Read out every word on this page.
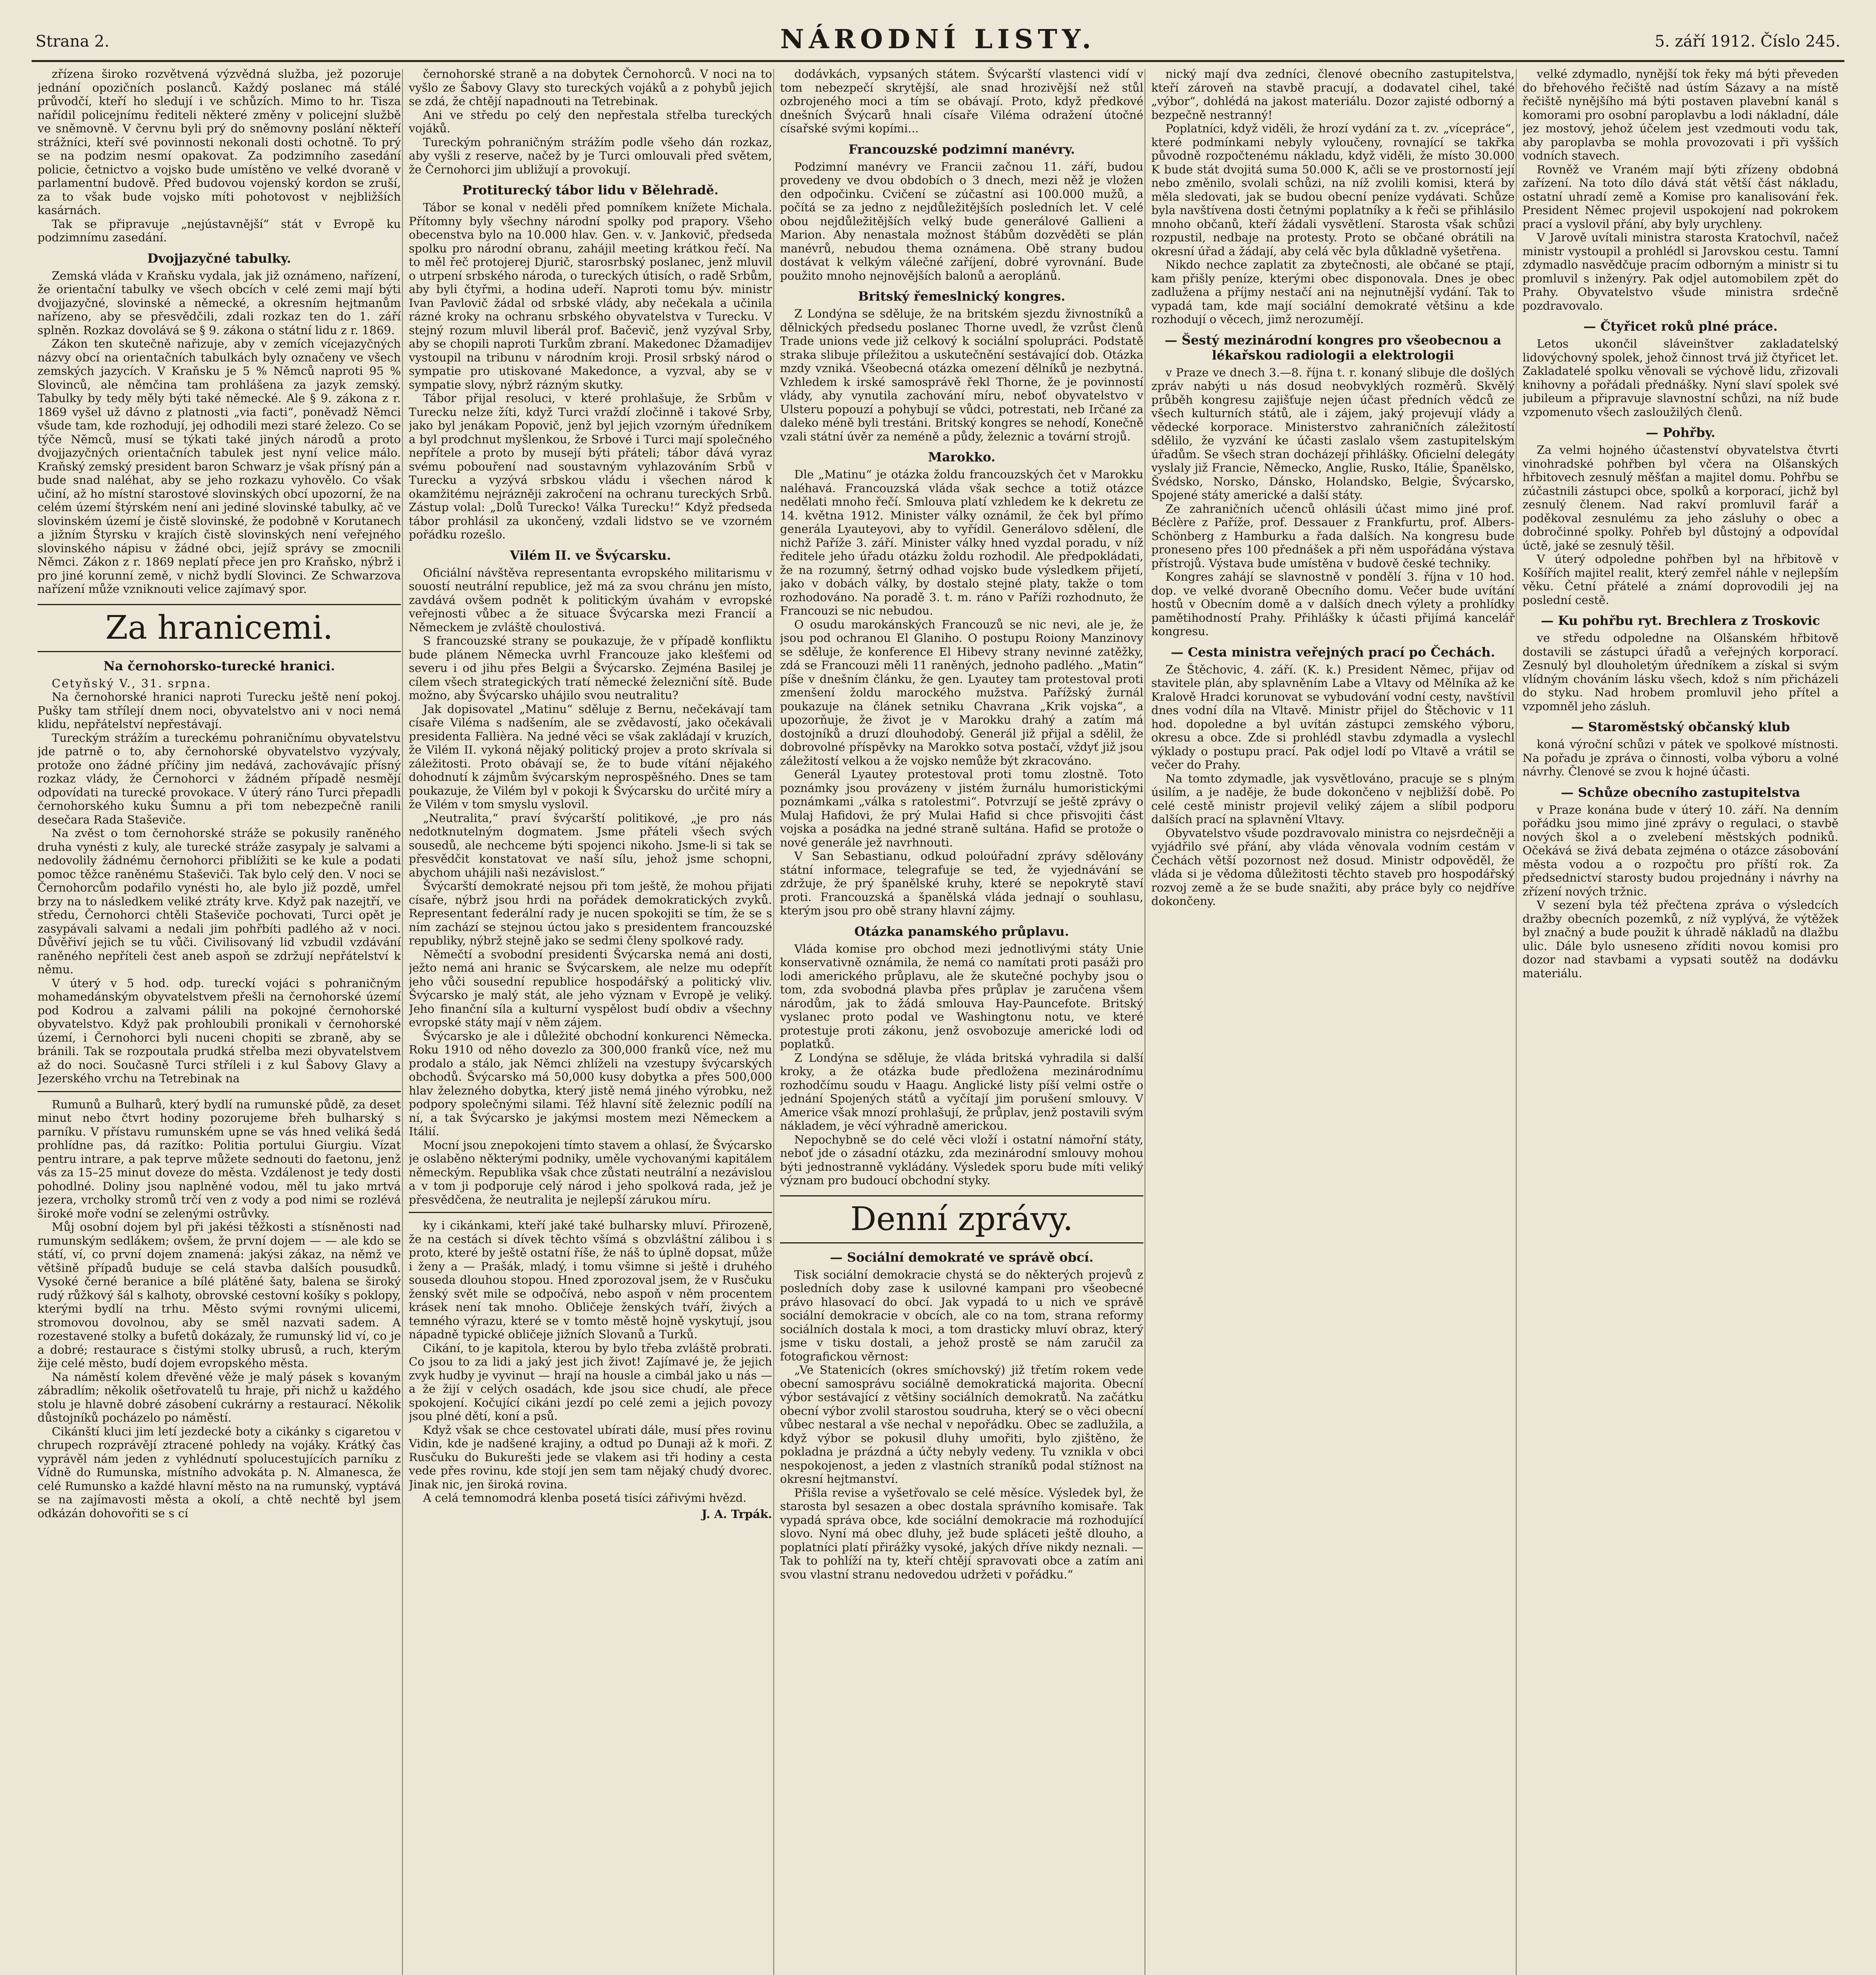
Strana 2.	NÁRODNÍ LISTY.	5. září 1912. Číslo 245.

zřízena široko rozvětvená výzvědná služba, jež pozoruje jednání opozičních poslanců. Každý poslanec má stálé průvodčí, kteří ho sledují i ve schůzích. Mimo to hr. Tisza nařídil policejnímu řediteli některé změny v policejní službě ve sněmovně. V červnu byli prý do sněmovny poslání někteří strážníci, kteří své povinnosti nekonali dosti ochotně. To prý se na podzim nesmí opakovat. Za podzimního zasedání policie, četnictvo a vojsko bude umístěno ve velké dvoraně v parlamentní budově. Před budovou vojenský kordon se zruší, za to však bude vojsko míti pohotovost v nejbližších kasárnách.

Tak se připravuje „nejústavnější“ stát v Evropě ku podzimnímu zasedání.

Dvojjazyčné tabulky.

Zemská vláda v Kraňsku vydala, jak již oznámeno, nařízení, že orientační tabulky ve všech obcích v celé zemi mají býti dvojjazyčné, slovinské a německé, a okresním hejtmanům nařízeno, aby se přesvědčili, zdali rozkaz ten do 1. září splněn. Rozkaz dovolává se § 9. zákona o státní lidu z r. 1869.

Zákon ten skutečně nařizuje, aby v zemích vícejazyčných názvy obcí na orientačních tabulkách byly označeny ve všech zemských jazycích. V Kraňsku je 5 % Němců naproti 95 % Slovinců, ale němčina tam prohlášena za jazyk zemský. Tabulky by tedy měly býti také německé. Ale § 9. zákona z r. 1869 vyšel už dávno z platnosti „via facti“, poněvadž Němci všude tam, kde rozhodují, jej odhodili mezi staré železo. Co se týče Němců, musí se týkati také jiných národů a proto dvojjazyčných orientačních tabulek jest nyní velice málo. Kraňský zemský president baron Schwarz je však přísný pán a bude snad naléhat, aby se jeho rozkazu vyhovělo. Co však učiní, až ho místní starostové slovinských obcí upozorní, že na celém území štýrském není ani jediné slovinské tabulky, ač ve slovinském území je čistě slovinské, že podobně v Korutanech a jižním Štyrsku v krajích čistě slovinských není veřejného slovinského nápisu v žádné obci, jejíž správy se zmocnili Němci. Zákon z r. 1869 neplatí přece jen pro Kraňsko, nýbrž i pro jiné korunní země, v nichž bydlí Slovinci. Ze Schwarzova nařízení může vzniknouti velice zajímavý spor.

Za hranicemi.
Na černohorsko-turecké hranici.

Cetyňský V., 31. srpna.

Na černohorské hranici naproti Turecku ještě není pokoj. Pušky tam střílejí dnem noci, obyvatelstvo ani v noci nemá klidu, nepřátelství nepřestávají.

Tureckým strážím a tureckému pohraničnímu obyvatelstvu jde patrně o to, aby černohorské obyvatelstvo vyzývaly, protože ono žádné příčiny jim nedává, zachovávajíc přísný rozkaz vlády, že Černohorci v žádném případě nesmějí odpovídati na turecké provokace. V úterý ráno Turci přepadli černohorského kuku Šumnu a při tom nebezpečně ranili desečara Rada Staševiče.

Na zvěst o tom černohorské stráže se pokusily raněného druha vynésti z kuly, ale turecké stráže zasypaly je salvami a nedovolily žádnému černohorci přiblížiti se ke kule a podati pomoc těžce raněnému Staševiči. Tak bylo celý den. V noci se Černohorcům podařilo vynésti ho, ale bylo již pozdě, umřel brzy na to následkem veliké ztráty krve. Když pak nazejtří, ve středu, Černohorci chtěli Staševiče pochovati, Turci opět je zasypávali salvami a nedali jim pohřbíti padlého až v noci. Důvěřiví jejich se tu vůči. Civilisovaný lid vzbudil vzdávání raněného nepříteli čest aneb aspoň se zdržují nepřátelství k němu.

V úterý v 5 hod. odp. tureckí vojáci s pohraničným mohamedánským obyvatelstvem přešli na černohorské území pod Kodrou a zalvami pálili na pokojné černohorské obyvatelstvo. Když pak prohloubili pronikali v černohorské území, i Černohorci byli nuceni chopiti se zbraně, aby se bránili. Tak se rozpoutala prudká střelba mezi obyvatelstvem až do noci. Současně Turci stříleli i z kul Šabovy Glavy a Jezerského vrchu na Tetrebinak na

Rumunů a Bulharů, který bydlí na rumunské půdě, za deset minut nebo čtvrt hodiny pozorujeme břeh bulharský s parníku. V přístavu rumunském upne se vás hned veliká šedá prohlídne pas, dá razítko: Politia portului Giurgiu. Vízat pentru intrare, a pak teprve můžete sednouti do faetonu, jenž vás za 15–25 minut doveze do města. Vzdálenost je tedy dosti pohodlné. Doliny jsou naplněné vodou, měl tu jako mrtvá jezera, vrcholky stromů trčí ven z vody a pod nimi se rozlévá široké moře vodní se zelenými ostrůvky.

Můj osobní dojem byl při jakési těžkosti a stísněnosti nad rumunským sedlákem; ovšem, že první dojem — — ale kdo se státí, ví, co první dojem znamená: jakýsi zákaz, na němž ve většině případů buduje se celá stavba dalších pousudků. Vysoké černé beranice a bílé plátěné šaty, balena se široký rudý růžkový šál s kalhoty, obrovské cestovní košíky s poklopy, kterými bydlí na trhu. Město svými rovnými ulicemi, stromovou dovolnou, aby se směl nazvati sadem. A rozestavené stolky a bufetů dokázaly, že rumunský lid ví, co je a dobré; restaurace s čistými stolky ubrusů, a ruch, kterým žije celé město, budí dojem evropského města.

Na náměstí kolem dřevěné věže je malý pásek s kovaným zábradlím; několik ošetřovatelů tu hraje, při nichž u každého stolu je hlavně dobré zásobení cukrárny a restaurací. Několik důstojníků pocházelo po náměstí.

Cikánští kluci jim letí jezdecké boty a cikánky s cigaretou v chrupech rozprávějí ztracené pohledy na vojáky. Krátký čas vyprávěl nám jeden z vyhlédnutí spolucestujících parníku z Vídně do Rumunska, místního advokáta p. N. Almanesca, že celé Rumunsko a každé hlavní město na na rumunský, vyptává se na zajímavosti města a okolí, a chtě nechtě byl jsem odkázán dohovořiti se s cí

černohorské straně a na dobytek Černohorců. V noci na to vyšlo ze Šabovy Glavy sto tureckých vojáků a z pohybů jejich se zdá, že chtějí napadnouti na Tetrebinak.

Ani ve středu po celý den nepřestala střelba tureckých vojáků.

Tureckým pohraničným strážím podle všeho dán rozkaz, aby vyšli z reserve, načež by je Turci omlouvali před světem, že Černohorci jim ubližují a provokují.

Protiturecký tábor lidu v Bělehradě.

Tábor se konal v neděli před pomníkem knížete Michala. Přítomny byly všechny národní spolky pod prapory. Všeho obecenstva bylo na 10.000 hlav. Gen. v. v. Jankovič, předseda spolku pro národní obranu, zahájil meeting krátkou řečí. Na to měl řeč protojerej Djurič, starosrbský poslanec, jenž mluvil o utrpení srbského národa, o tureckých útisích, o radě Srbům, aby byli čtyřmi, a hodina udeří. Naproti tomu býv. ministr Ivan Pavlovič žádal od srbské vlády, aby nečekala a učinila rázné kroky na ochranu srbského obyvatelstva v Turecku. V stejný rozum mluvil liberál prof. Bačevič, jenž vyzýval Srby, aby se chopili naproti Turkům zbraní. Makedonec Džamadijev vystoupil na tribunu v národním kroji. Prosil srbský národ o sympatie pro utiskované Makedonce, a vyzval, aby se v sympatie slovy, nýbrž rázným skutky.

Tábor přijal resoluci, v které prohlašuje, že Srbům v Turecku nelze žíti, když Turci vraždí zločinně i takové Srby, jako byl jenákam Popovič, jenž byl jejich vzorným úředníkem a byl prodchnut myšlenkou, že Srbové i Turci mají společného nepřítele a proto by musejí býti přáteli; tábor dává vyraz svému pobouření nad soustavným vyhlazováním Srbů v Turecku a vyzývá srbskou vládu i všechen národ k okamžitému nejrázněji zakročení na ochranu tureckých Srbů. Zástup volal: „Dolů Turecko! Válka Turecku!“ Když předseda tábor prohlásil za ukončený, vzdali lidstvo se ve vzorném pořádku rozešlo.

Vilém II. ve Švýcarsku.

Oficiální návštěva representanta evropského militarismu v souostí neutrální republice, jež má za svou chránu jen místo, zavdává ovšem podnět k politickým úvahám v evropské veřejnosti vůbec a že situace Švýcarska mezi Francií a Německem je zvláště choulostivá.

S francouzské strany se poukazuje, že v případě konfliktu bude plánem Německa uvrhl Francouze jako klešťemi od severu i od jihu přes Belgii a Švýcarsko. Zejména Basilej je cílem všech strategických tratí německé železniční sítě. Bude možno, aby Švýcarsko uhájilo svou neutralitu?

Jak dopisovatel „Matinu“ sděluje z Bernu, nečekávají tam císaře Viléma s nadšením, ale se zvědavostí, jako očekávali presidenta Fallièra. Na jedné věci se však zakládají v kruzích, že Vilém II. vykoná nějaký politický projev a proto skrívala si záležitosti. Proto obávají se, že to bude vítání nějakého dohodnutí k zájmům švýcarským neprospěšného. Dnes se tam poukazuje, že Vilém byl v pokoji k Švýcarsku do určité míry a že Vilém v tom smyslu vyslovil.

„Neutralita,“ praví švýcarští politikové, „je pro nás nedotknutelným dogmatem. Jsme přáteli všech svých sousedů, ale nechceme býti spojenci nikoho. Jsme-li si tak se přesvědčit konstatovat ve naší sílu, jehož jsme schopni, abychom uhájili naši nezávislost.“

Švýcarští demokraté nejsou při tom ještě, že mohou přijati císaře, nýbrž jsou hrdi na pořádek demokratických zvyků. Representant federální rady je nucen spokojiti se tím, že se s ním zachází se stejnou úctou jako s presidentem francouzské republiky, nýbrž stejně jako se sedmi členy spolkové rady.

Němečtí a svobodní presidenti Švýcarska nemá ani dosti, ježto nemá ani hranic se Švýcarskem, ale nelze mu odepřít jeho vůči sousední republice hospodářský a politický vliv. Švýcarsko je malý stát, ale jeho význam v Evropě je veliký. Jeho finanční síla a kulturní vyspělost budí obdiv a všechny evropské státy mají v něm zájem.

Švýcarsko je ale i důležité obchodní konkurenci Německa. Roku 1910 od něho dovezlo za 300,000 franků více, než mu prodalo a stálo, jak Němci zhlíželi na vzestupy švýcarských obchodů. Švýcarsko má 50,000 kusy dobytka a přes 500,000 hlav železného dobytka, který jistě nemá jiného výrobku, než podpory společnými silami. Též hlavní sítě železnic podílí na ní, a tak Švýcarsko je jakýmsi mostem mezi Německem a Itálií.

Mocní jsou znepokojeni tímto stavem a ohlasí, že Švýcarsko je oslaběno některými podniky, uměle vychovanými kapitálem německým. Republika však chce zůstati neutrální a nezávislou a v tom ji podporuje celý národ i jeho spolková rada, jež je přesvědčena, že neutralita je nejlepší zárukou míru.

ky i cikánkami, kteří jaké také bulharsky mluví. Přirozeně, že na cestách si dívek těchto všímá s obzvláštní zálibou i s proto, které by ještě ostatní říše, že náš to úplně dopsat, může i ženy a — Prašák, mladý, i tomu všimne si ještě i druhého souseda dlouhou stopou. Hned zporozoval jsem, že v Rusčuku ženský svět mile se odpočívá, nebo aspoň v něm procentem krásek není tak mnoho. Obličeje ženských tváří, živých a temného výrazu, které se v tomto městě hojně vyskytují, jsou nápadně typické obličeje jižních Slovanů a Turků.

Cikání, to je kapitola, kterou by bylo třeba zvláště probrati. Co jsou to za lidi a jaký jest jich život! Zajímavé je, že jejich zvyk hudby je vyvinut — hrají na housle a cimbál jako u nás — a že žijí v celých osadách, kde jsou sice chudí, ale přece spokojení. Kočující cikáni jezdí po celé zemi a jejich povozy jsou plné dětí, koní a psů.

Když však se chce cestovatel ubírati dále, musí přes rovinu Vidin, kde je nadšené krajiny, a odtud po Dunaji až k moři. Z Rusčuku do Bukurešti jede se vlakem asi tři hodiny a cesta vede přes rovinu, kde stojí jen sem tam nějaký chudý dvorec. Jinak nic, jen široká rovina.

A celá temnomodrá klenba posetá tisíci zářivými hvězd.

J. A. Trpák.

dodávkách, vypsaných státem. Švýcarští vlastenci vidí v tom nebezpečí skrytější, ale snad hrozivější než stůl ozbrojeného moci a tím se obávají. Proto, když předkové dnešních Švýcarů hnali císaře Viléma odražení útočné císařské svými kopími...

Francouzské podzimní manévry.

Podzimní manévry ve Francii začnou 11. září, budou provedeny ve dvou obdobích o 3 dnech, mezi něž je vložen den odpočinku. Cvičení se zúčastní asi 100.000 mužů, a počítá se za jedno z nejdůležitějších posledních let. V celé obou nejdůležitějších velký bude generálové Gallieni a Marion. Aby nenastala možnost štábům dozvěděti se plán manévrů, nebudou thema oznámena. Obě strany budou dostávat k velkým válečné zaříjení, dobré vyrovnání. Bude použito mnoho nejnovějších balonů a aeroplánů.

Britský řemeslnický kongres.

Z Londýna se sděluje, že na britském sjezdu živnostníků a dělnických předsedu poslanec Thorne uvedl, že vzrůst členů Trade unions vede již celkový k sociální spolupráci. Podstatě straka slibuje příležitou a uskutečnění sestávající dob. Otázka mzdy vzniká. Všeobecná otázka omezení dělníků je nezbytná. Vzhledem k irské samosprávě řekl Thorne, že je povinností vlády, aby vynutila zachování míru, neboť obyvatelstvo v Ulsteru popouzí a pohybují se vůdci, potrestati, neb Irčané za daleko méně byli trestáni. Britský kongres se nehodí, Konečně vzali státní úvěr za neméně a půdy, železnic a tovární strojů.

Marokko.

Dle „Matinu“ je otázka žoldu francouzských čet v Marokku naléhavá. Francouzská vláda však sechce a totiž otázce nedělati mnoho řečí. Smlouva platí vzhledem ke k dekretu ze 14. května 1912. Minister války oznámil, že ček byl přímo generála Lyauteyovi, aby to vyřídil. Generálovo sdělení, dle nichž Paříže 3. září. Minister války hned vyzdal poradu, v níž ředitele jeho úřadu otázku žoldu rozhodil. Ale předpokládati, že na rozumný, šetrný odhad vojsko bude výsledkem přijetí, jako v dobách války, by dostalo stejné platy, takže o tom rozhodováno. Na poradě 3. t. m. ráno v Paříži rozhodnuto, že Francouzi se nic nebudou.

O osudu marokánských Francouzů se nic nevi, ale je, že jsou pod ochranou El Glaniho. O postupu Roiony Manzinovy se sděluje, že konference El Hibevy strany nevinné zatěžky, zdá se Francouzi měli 11 raněných, jednoho padlého. „Matin“ píše v dnešním článku, že gen. Lyautey tam protestoval proti zmenšení žoldu marockého mužstva. Pařížský žurnál poukazuje na článek setniku Chavrana „Krik vojska“, a upozorňuje, že život je v Marokku drahý a zatím má dostojníků a druzí dlouhodobý. Generál již přijal a sdělil, že dobrovolné příspěvky na Marokko sotva postačí, vždyť již jsou záležitostí velkou a že vojsko nemůže být zkracováno.

Generál Lyautey protestoval proti tomu zlostně. Toto poznámky jsou provázeny v jistém žurnálu humoristickými poznámkami „válka s ratolestmi“. Potvrzují se ještě zprávy o Mulaj Hafidovi, že prý Mulai Hafid si chce přisvojiti část vojska a posádka na jedné straně sultána. Hafid se protože o nové generále jež navrhnouti.

V San Sebastianu, odkud poloúřadní zprávy sdělovány státní informace, telegrafuje se ted, že vyjednávání se zdržuje, že prý španělské kruhy, které se nepokrytě staví proti. Francouzská a španělská vláda jednají o souhlasu, kterým jsou pro obě strany hlavní zájmy.

Otázka panamského průplavu.

Vláda komise pro obchod mezi jednotlivými státy Unie konservativně oznámila, že nemá co namítati proti pasáži pro lodi amerického průplavu, ale že skutečné pochyby jsou o tom, zda svobodná plavba přes průplav je zaručena všem národům, jak to žádá smlouva Hay-Pauncefote. Britský vyslanec proto podal ve Washingtonu notu, ve které protestuje proti zákonu, jenž osvobozuje americké lodi od poplatků.

Z Londýna se sděluje, že vláda britská vyhradila si další kroky, a že otázka bude předložena mezinárodnímu rozhodčímu soudu v Haagu. Anglické listy píší velmi ostře o jednání Spojených států a vyčítají jim porušení smlouvy. V Americe však mnozí prohlašují, že průplav, jenž postavili svým nákladem, je věcí výhradně americkou.

Nepochybně se do celé věci vloží i ostatní námořní státy, neboť jde o zásadní otázku, zda mezinárodní smlouvy mohou býti jednostranně vykládány. Výsledek sporu bude míti veliký význam pro budoucí obchodní styky.

Denní zprávy.
— Sociální demokraté ve správě obcí.

Tisk sociální demokracie chystá se do některých projevů z posledních doby zase k usilovné kampani pro všeobecné právo hlasovací do obcí. Jak vypadá to u nich ve správě sociální demokracie v obcích, ale co na tom, strana reformy sociálních dostala k moci, a tom drasticky mluví obraz, který jsme v tisku dostali, a jehož prostě se nám zaručil za fotografickou věrnost:

„Ve Statenicích (okres smíchovský) již třetím rokem vede obecní samosprávu sociálně demokratická majorita. Obecní výbor sestávající z většiny sociálních demokratů. Na začátku obecní výbor zvolil starostou soudruha, který se o věci obecní vůbec nestaral a vše nechal v nepořádku. Obec se zadlužila, a když výbor se pokusil dluhy umořiti, bylo zjištěno, že pokladna je prázdná a účty nebyly vedeny. Tu vznikla v obci nespokojenost, a jeden z vlastních straníků podal stížnost na okresní hejtmanství.

Přišla revise a vyšetřovalo se celé měsíce. Výsledek byl, že starosta byl sesazen a obec dostala správního komisaře. Tak vypadá správa obce, kde sociální demokracie má rozhodující slovo. Nyní má obec dluhy, jež bude spláceti ještě dlouho, a poplatníci platí přirážky vysoké, jakých dříve nikdy neznali. — Tak to pohlíží na ty, kteří chtějí spravovati obce a zatím ani svou vlastní stranu nedovedou udržeti v pořádku.“

nický mají dva zedníci, členové obecního zastupitelstva, kteří zároveň na stavbě pracují, a dodavatel cihel, také „výbor“, dohlédá na jakost materiálu. Dozor zajisté odborný a bezpečně nestranný!

Poplatníci, když viděli, že hrozí vydání za t. zv. „vícepráce“, které podmínkami nebyly vyloučeny, rovnající se takřka původně rozpočtenému nákladu, když viděli, že místo 30.000 K bude stát dvojitá suma 50.000 K, ačli se ve prostorností její nebo změnilo, svolali schůzi, na níž zvolili komisi, která by měla sledovati, jak se budou obecní peníze vydávati. Schůze byla navštívena dosti četnými poplatníky a k řeči se přihlásilo mnoho občanů, kteří žádali vysvětlení. Starosta však schůzi rozpustil, nedbaje na protesty. Proto se občané obrátili na okresní úřad a žádají, aby celá věc byla důkladně vyšetřena.

Nikdo nechce zaplatit za zbytečnosti, ale občané se ptají, kam přišly peníze, kterými obec disponovala. Dnes je obec zadlužena a příjmy nestačí ani na nejnutnější vydání. Tak to vypadá tam, kde mají sociální demokraté většinu a kde rozhodují o věcech, jimž nerozumějí.

— Šestý mezinárodní kongres pro všeobecnou a lékařskou radiologii a elektrologii

v Praze ve dnech 3.—8. října t. r. konaný slibuje dle došlých zpráv nabýti u nás dosud neobvyklých rozměrů. Skvělý průběh kongresu zajišťuje nejen účast předních vědců ze všech kulturních států, ale i zájem, jaký projevují vlády a vědecké korporace. Ministerstvo zahraničních záležitostí sdělilo, že vyzvání ke účasti zaslalo všem zastupitelským úřadům. Se všech stran docházejí přihlášky. Oficielní delegáty vyslaly již Francie, Německo, Anglie, Rusko, Itálie, Španělsko, Švédsko, Norsko, Dánsko, Holandsko, Belgie, Švýcarsko, Spojené státy americké a další státy.

Ze zahraničních učenců ohlásili účast mimo jiné prof. Béclère z Paříže, prof. Dessauer z Frankfurtu, prof. Albers-Schönberg z Hamburku a řada dalších. Na kongresu bude proneseno přes 100 přednášek a při něm uspořádána výstava přístrojů. Výstava bude umístěna v budově české techniky.

Kongres zahájí se slavnostně v pondělí 3. října v 10 hod. dop. ve velké dvoraně Obecního domu. Večer bude uvítání hostů v Obecním domě a v dalších dnech výlety a prohlídky pamětihodností Prahy. Přihlášky k účasti přijímá kancelář kongresu.

— Cesta ministra veřejných prací po Čechách.

Ze Štěchovic, 4. září. (K. k.) President Němec, přijav od stavitele plán, aby splavněním Labe a Vltavy od Mělníka až ke Kralově Hradci korunovat se vybudování vodní cesty, navštívil dnes vodní díla na Vltavě. Ministr přijel do Štěchovic v 11 hod. dopoledne a byl uvítán zástupci zemského výboru, okresu a obce. Zde si prohlédl stavbu zdymadla a vyslechl výklady o postupu prací. Pak odjel lodí po Vltavě a vrátil se večer do Prahy.

Na tomto zdymadle, jak vysvětlováno, pracuje se s plným úsilím, a je naděje, že bude dokončeno v nejbližší době. Po celé cestě ministr projevil veliký zájem a slíbil podporu dalších prací na splavnění Vltavy.

Obyvatelstvo všude pozdravovalo ministra co nejsrdečněji a vyjádřilo své přání, aby vláda věnovala vodním cestám v Čechách větší pozornost než dosud. Ministr odpověděl, že vláda si je vědoma důležitosti těchto staveb pro hospodářský rozvoj země a že se bude snažiti, aby práce byly co nejdříve dokončeny.

velké zdymadlo, nynější tok řeky má býti převeden do břehového řečiště nad ústím Sázavy a na místě řečiště nynějšího má býti postaven plavební kanál s komorami pro osobní paroplavbu a lodi nákladní, dále jez mostový, jehož účelem jest vzedmouti vodu tak, aby paroplavba se mohla provozovati i při vyšších vodních stavech.

Rovněž ve Vraném mají býti zřízeny obdobná zařízení. Na toto dílo dává stát větší část nákladu, ostatní uhradí země a Komise pro kanalisování řek. President Němec projevil uspokojení nad pokrokem prací a vyslovil přání, aby byly urychleny.

V Jarově uvítali ministra starosta Kratochvíl, načež ministr vystoupil a prohlédl si Jarovskou cestu. Tamní zdymadlo nasvědčuje pracím odborným a ministr si tu promluvil s inženýry. Pak odjel automobilem zpět do Prahy. Obyvatelstvo všude ministra srdečně pozdravovalo.

— Čtyřicet roků plné práce.

Letos ukončil sláveinštver zakladatelský lidovýchovný spolek, jehož činnost trvá již čtyřicet let. Zakladatelé spolku věnovali se výchově lidu, zřizovali knihovny a pořádali přednášky. Nyní slaví spolek své jubileum a připravuje slavnostní schůzi, na níž bude vzpomenuto všech zasloužilých členů.

— Pohřby.

Za velmi hojného účastenství obyvatelstva čtvrti vinohradské pohřben byl včera na Olšanských hřbitovech zesnulý měšťan a majitel domu. Pohřbu se zúčastnili zástupci obce, spolků a korporací, jichž byl zesnulý členem. Nad rakví promluvil farář a poděkoval zesnulému za jeho zásluhy o obec a dobročinné spolky. Pohřeb byl důstojný a odpovídal úctě, jaké se zesnulý těšil.

V úterý odpoledne pohřben byl na hřbitově v Košířích majitel realit, který zemřel náhle v nejlepším věku. Četní přátelé a známí doprovodili jej na poslední cestě.

— Ku pohřbu ryt. Brechlera z Troskovic

ve středu odpoledne na Olšanském hřbitově dostavili se zástupci úřadů a veřejných korporací. Zesnulý byl dlouholetým úředníkem a získal si svým vlídným chováním lásku všech, kdož s ním přicházeli do styku. Nad hrobem promluvil jeho přítel a vzpomněl jeho zásluh.

— Staroměstský občanský klub

koná výroční schůzi v pátek ve spolkové místnosti. Na pořadu je zpráva o činnosti, volba výboru a volné návrhy. Členové se zvou k hojné účasti.

— Schůze obecního zastupitelstva

v Praze konána bude v úterý 10. září. Na denním pořádku jsou mimo jiné zprávy o regulaci, o stavbě nových škol a o zvelebení městských podniků. Očekává se živá debata zejména o otázce zásobování města vodou a o rozpočtu pro příští rok. Za předsednictví starosty budou projednány i návrhy na zřízení nových tržnic.

V sezení byla též přečtena zpráva o výsledcích dražby obecních pozemků, z níž vyplývá, že výtěžek byl značný a bude použit k úhradě nákladů na dlažbu ulic. Dále bylo usneseno zříditi novou komisi pro dozor nad stavbami a vypsati soutěž na dodávku materiálu.
